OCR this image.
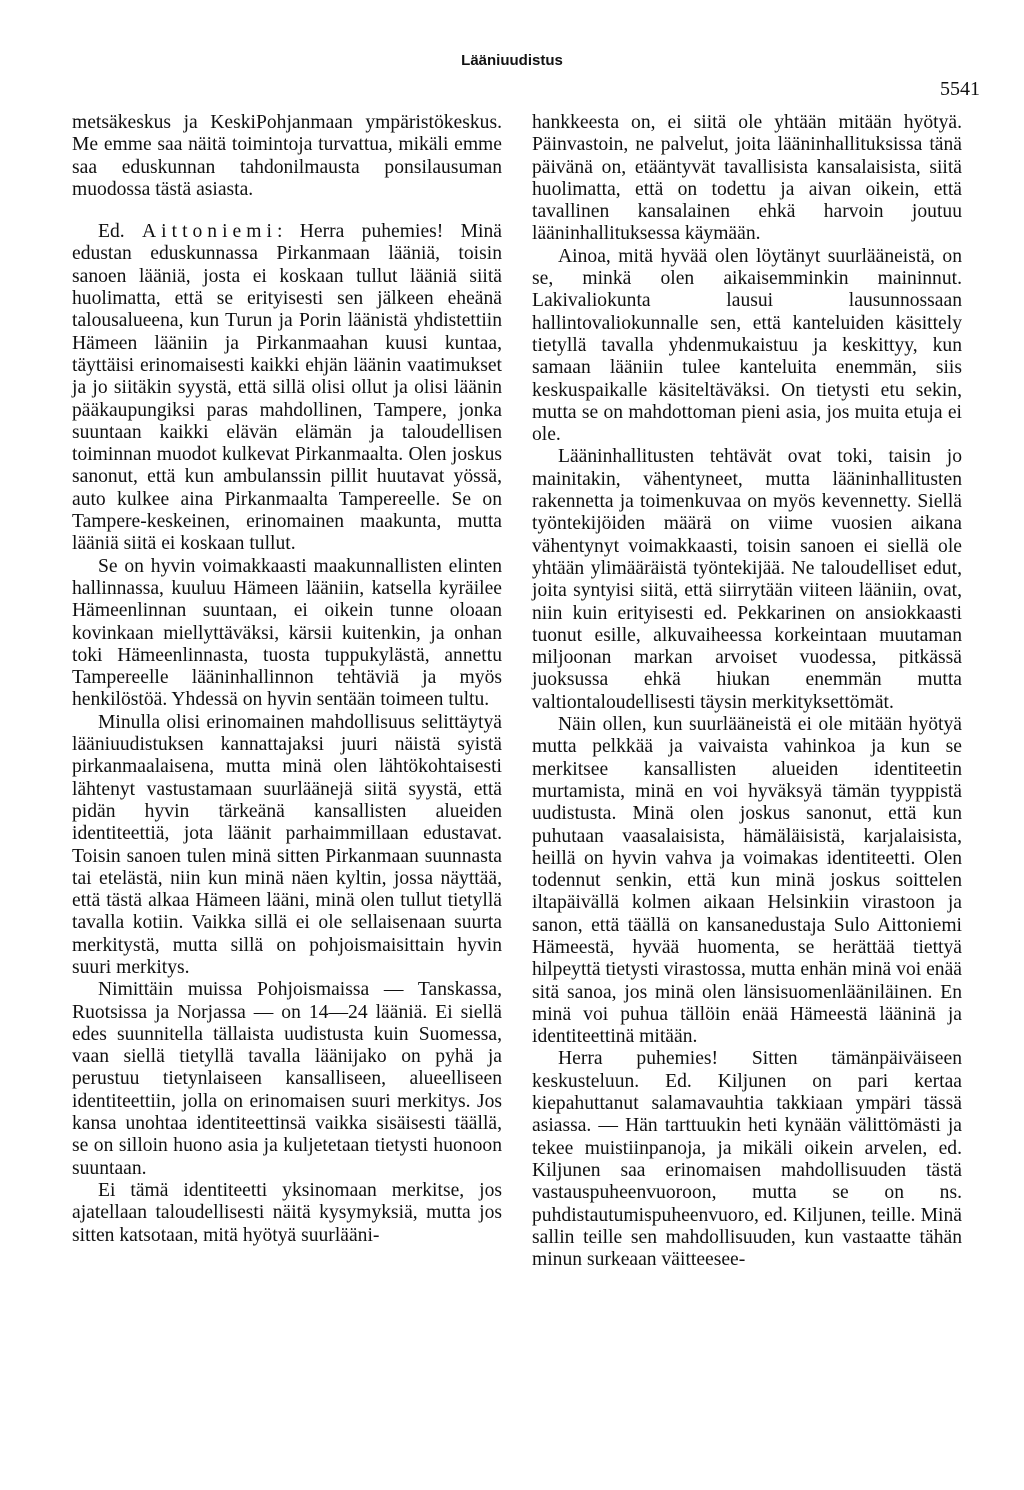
Lääniuudistus
5541

metsäkeskus ja KeskiPohjanmaan ympäristökeskus. Me emme saa näitä toimintoja turvattua, mikäli emme saa eduskunnan tahdonilmausta ponsilausuman muodossa tästä asiasta.

Ed. Aittoniemi: Herra puhemies! Minä edustan eduskunnassa Pirkanmaan lääniä, toisin sanoen lääniä, josta ei koskaan tullut lääniä siitä huolimatta, että se erityisesti sen jälkeen eheänä talousalueena, kun Turun ja Porin läänistä yhdistettiin Hämeen lääniin ja Pirkanmaahan kuusi kuntaa, täyttäisi erinomaisesti kaikki ehjän läänin vaatimukset ja jo siitäkin syystä, että sillä olisi ollut ja olisi läänin pääkaupungiksi paras mahdollinen, Tampere, jonka suuntaan kaikki elävän elämän ja taloudellisen toiminnan muodot kulkevat Pirkanmaalta. Olen joskus sanonut, että kun ambulanssin pillit huutavat yössä, auto kulkee aina Pirkanmaalta Tampereelle. Se on Tampere-keskeinen, erinomainen maakunta, mutta lääniä siitä ei koskaan tullut.

Se on hyvin voimakkaasti maakunnallisten elinten hallinnassa, kuuluu Hämeen lääniin, katsella kyräilee Hämeenlinnan suuntaan, ei oikein tunne oloaan kovinkaan miellyttäväksi, kärsii kuitenkin, ja onhan toki Hämeenlinnasta, tuosta tuppukylästä, annettu Tampereelle lääninhallinnon tehtäviä ja myös henkilöstöä. Yhdessä on hyvin sentään toimeen tultu.

Minulla olisi erinomainen mahdollisuus selittäytyä lääniuudistuksen kannattajaksi juuri näistä syistä pirkanmaalaisena, mutta minä olen lähtökohtaisesti lähtenyt vastustamaan suurläänejä siitä syystä, että pidän hyvin tärkeänä kansallisten alueiden identiteettiä, jota läänit parhaimmillaan edustavat. Toisin sanoen tulen minä sitten Pirkanmaan suunnasta tai etelästä, niin kun minä näen kyltin, jossa näyttää, että tästä alkaa Hämeen lääni, minä olen tullut tietyllä tavalla kotiin. Vaikka sillä ei ole sellaisenaan suurta merkitystä, mutta sillä on pohjoismaisittain hyvin suuri merkitys.

Nimittäin muissa Pohjoismaissa — Tanskassa, Ruotsissa ja Norjassa — on 14—24 lääniä. Ei siellä edes suunnitella tällaista uudistusta kuin Suomessa, vaan siellä tietyllä tavalla läänijako on pyhä ja perustuu tietynlaiseen kansalliseen, alueelliseen identiteettiin, jolla on erinomaisen suuri merkitys. Jos kansa unohtaa identiteettinsä vaikka sisäisesti täällä, se on silloin huono asia ja kuljetetaan tietysti huonoon suuntaan.

Ei tämä identiteetti yksinomaan merkitse, jos ajatellaan taloudellisesti näitä kysymyksiä, mutta jos sitten katsotaan, mitä hyötyä suurlääni-

hankkeesta on, ei siitä ole yhtään mitään hyötyä. Päinvastoin, ne palvelut, joita lääninhallituksissa tänä päivänä on, etääntyvät tavallisista kansalaisista, siitä huolimatta, että on todettu ja aivan oikein, että tavallinen kansalainen ehkä harvoin joutuu lääninhallituksessa käymään.

Ainoa, mitä hyvää olen löytänyt suurlääneistä, on se, minkä olen aikaisemminkin maininnut. Lakivaliokunta lausui lausunnossaan hallintovaliokunnalle sen, että kanteluiden käsittely tietyllä tavalla yhdenmukaistuu ja keskittyy, kun samaan lääniin tulee kanteluita enemmän, siis keskuspaikalle käsiteltäväksi. On tietysti etu sekin, mutta se on mahdottoman pieni asia, jos muita etuja ei ole.

Lääninhallitusten tehtävät ovat toki, taisin jo mainitakin, vähentyneet, mutta lääninhallitusten rakennetta ja toimenkuvaa on myös kevennetty. Siellä työntekijöiden määrä on viime vuosien aikana vähentynyt voimakkaasti, toisin sanoen ei siellä ole yhtään ylimääräistä työntekijää. Ne taloudelliset edut, joita syntyisi siitä, että siirrytään viiteen lääniin, ovat, niin kuin erityisesti ed. Pekkarinen on ansiokkaasti tuonut esille, alkuvaiheessa korkeintaan muutaman miljoonan markan arvoiset vuodessa, pitkässä juoksussa ehkä hiukan enemmän mutta valtiontaloudellisesti täysin merkityksettömät.

Näin ollen, kun suurlääneistä ei ole mitään hyötyä mutta pelkkää ja vaivaista vahinkoa ja kun se merkitsee kansallisten alueiden identiteetin murtamista, minä en voi hyväksyä tämän tyyppistä uudistusta. Minä olen joskus sanonut, että kun puhutaan vaasalaisista, hämäläisistä, karjalaisista, heillä on hyvin vahva ja voimakas identiteetti. Olen todennut senkin, että kun minä joskus soittelen iltapäivällä kolmen aikaan Helsinkiin virastoon ja sanon, että täällä on kansanedustaja Sulo Aittoniemi Hämeestä, hyvää huomenta, se herättää tiettyä hilpeyttä tietysti virastossa, mutta enhän minä voi enää sitä sanoa, jos minä olen länsisuomenlääniläinen. En minä voi puhua tällöin enää Hämeestä lääninä ja identiteettinä mitään.

Herra puhemies! Sitten tämänpäiväiseen keskusteluun. Ed. Kiljunen on pari kertaa kiepahuttanut salamavauhtia takkiaan ympäri tässä asiassa. — Hän tarttuukin heti kynään välittömästi ja tekee muistiinpanoja, ja mikäli oikein arvelen, ed. Kiljunen saa erinomaisen mahdollisuuden tästä vastauspuheenvuoroon, mutta se on ns. puhdistautumispuheenvuoro, ed. Kiljunen, teille. Minä sallin teille sen mahdollisuuden, kun vastaatte tähän minun surkeaan väitteesee-
